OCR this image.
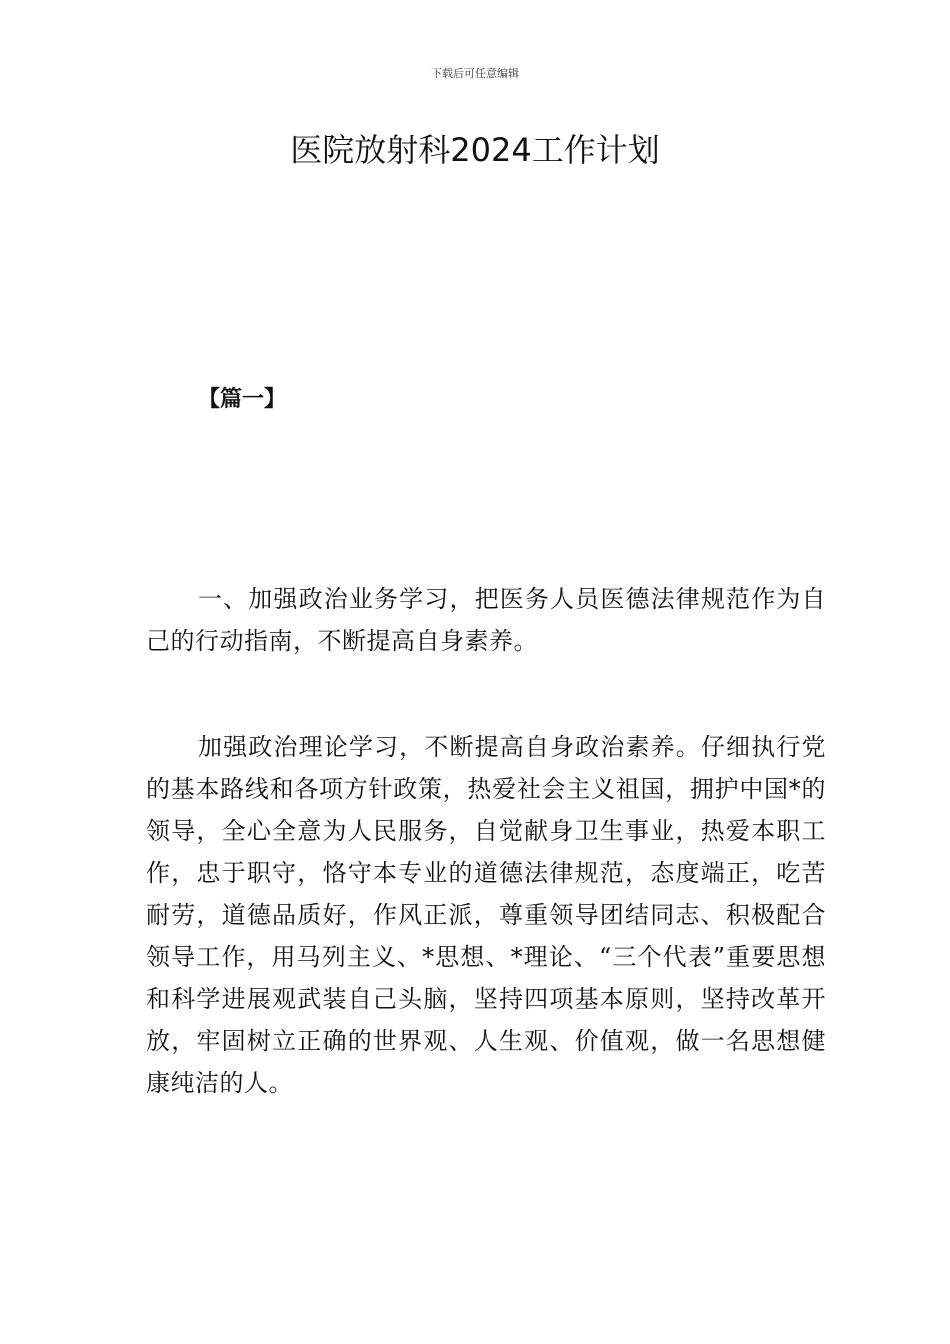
下载后可任意编辑
医院放射科2024工作计划
【篇一】

一、加强政治业务学习，把医务人员医德法律规范作为自己的行动指南，不断提高自身素养。

加强政治理论学习，不断提高自身政治素养。仔细执行党的基本路线和各项方针政策，热爱社会主义祖国，拥护中国*的领导，全心全意为人民服务，自觉献身卫生事业，热爱本职工作，忠于职守，恪守本专业的道德法律规范，态度端正，吃苦耐劳，道德品质好，作风正派，尊重领导团结同志、积极配合领导工作，用马列主义、*思想、*理论、“三个代表”重要思想和科学进展观武装自己头脑，坚持四项基本原则，坚持改革开放，牢固树立正确的世界观、人生观、价值观，做一名思想健康纯洁的人。
